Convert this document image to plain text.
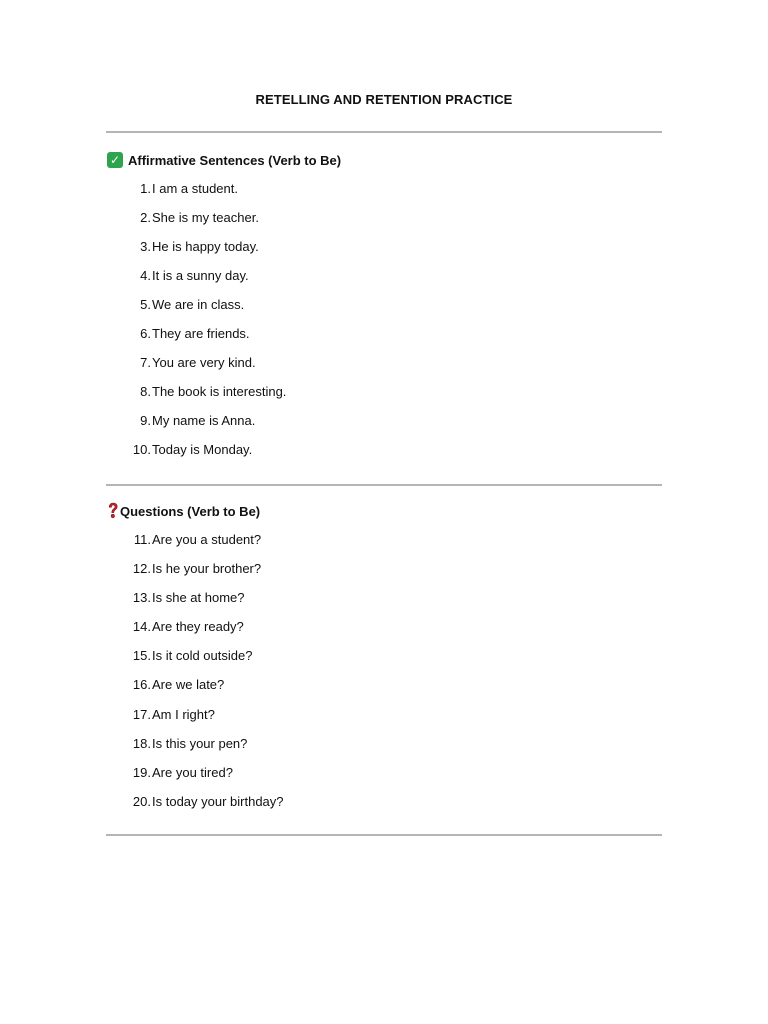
RETELLING AND RETENTION PRACTICE
✓ Affirmative Sentences (Verb to Be)
1. I am a student.
2. She is my teacher.
3. He is happy today.
4. It is a sunny day.
5. We are in class.
6. They are friends.
7. You are very kind.
8. The book is interesting.
9. My name is Anna.
10. Today is Monday.
Questions (Verb to Be)
11. Are you a student?
12. Is he your brother?
13. Is she at home?
14. Are they ready?
15. Is it cold outside?
16. Are we late?
17. Am I right?
18. Is this your pen?
19. Are you tired?
20. Is today your birthday?
